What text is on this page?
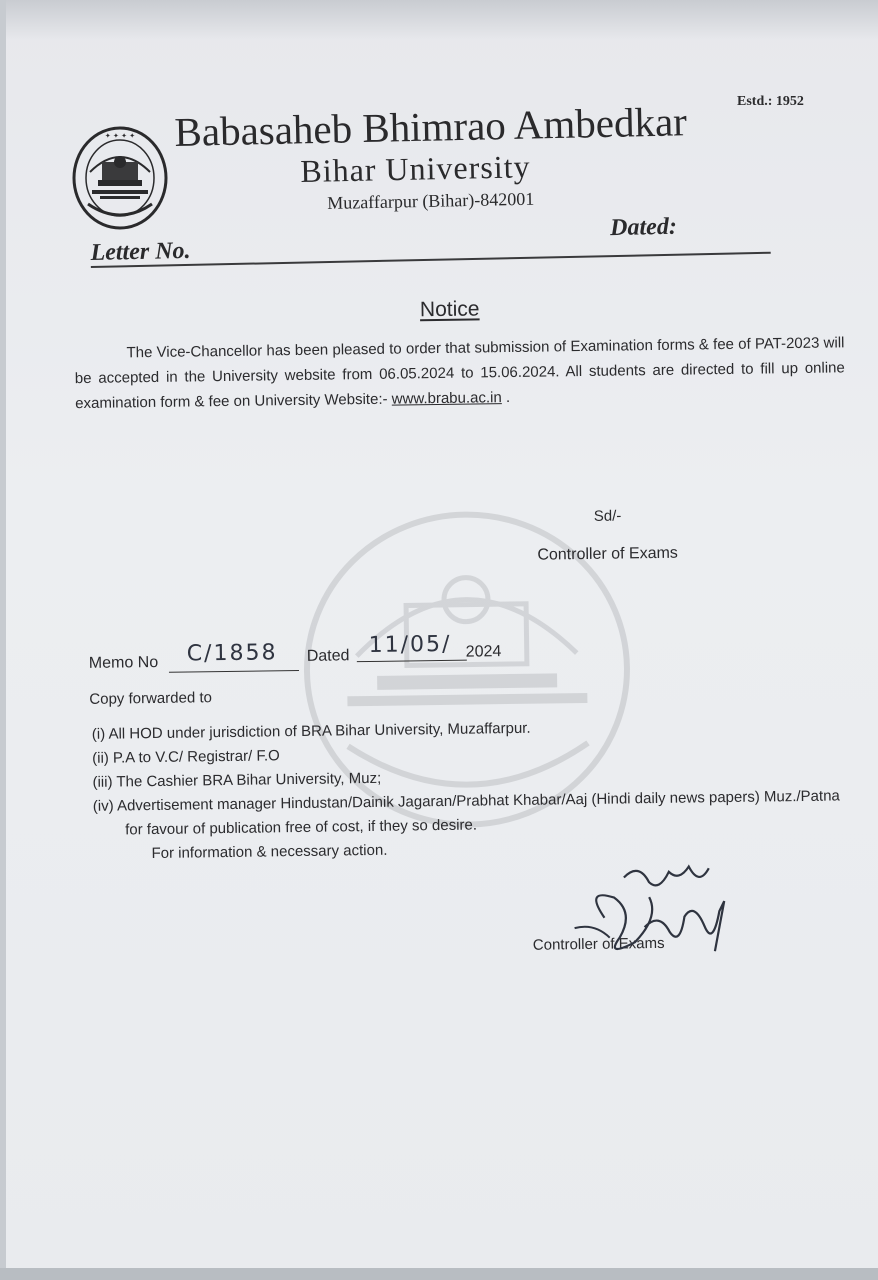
✦ ✦ ✦ ✦
Estd.: 1952
Babasaheb Bhimrao Ambedkar
Bihar University
Muzaffarpur (Bihar)-842001
Letter No.
Dated:
Notice
The Vice-Chancellor has been pleased to order that submission of Examination forms & fee of PAT-2023 will be accepted in the University website from 06.05.2024 to 15.06.2024. All students are directed to fill up online examination form & fee on University Website:- www.brabu.ac.in .
Sd/-
Controller of Exams
Memo No C/1858 Dated 11/05/ 2024
Copy forwarded to
(i) All HOD under jurisdiction of BRA Bihar University, Muzaffarpur.
(ii) P.A to V.C/ Registrar/ F.O
(iii) The Cashier BRA Bihar University, Muz;
(iv) Advertisement manager Hindustan/Dainik Jagaran/Prabhat Khabar/Aaj (Hindi daily news papers) Muz./Patna
for favour of publication free of cost, if they so desire.
For information & necessary action.
Controller of Exams
